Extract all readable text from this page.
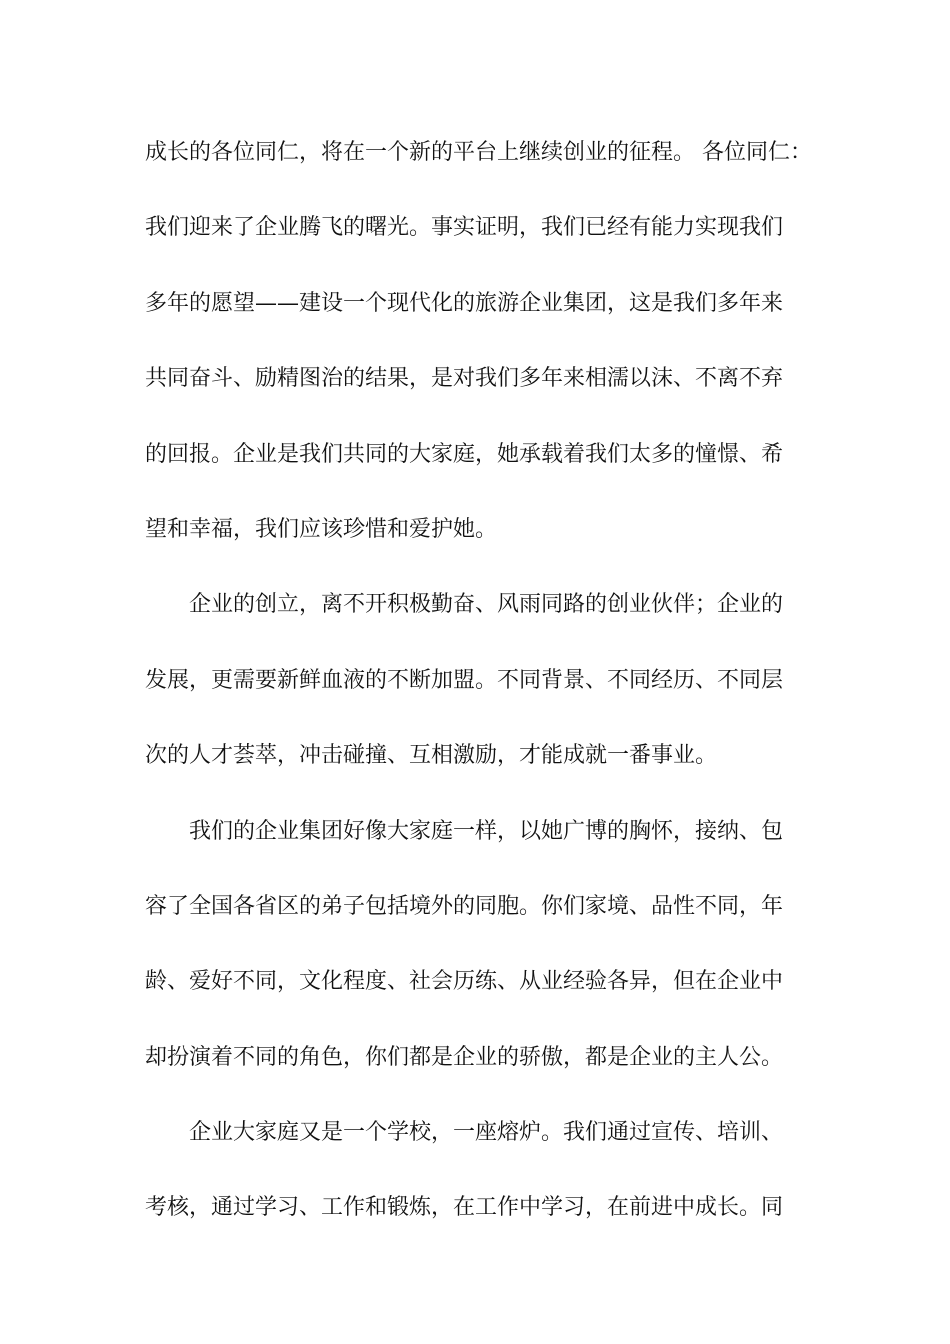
成长的各位同仁，将在一个新的平台上继续创业的征程。 各位同仁：
我们迎来了企业腾飞的曙光。事实证明，我们已经有能力实现我们
多年的愿望——建设一个现代化的旅游企业集团，这是我们多年来
共同奋斗、励精图治的结果，是对我们多年来相濡以沫、不离不弃
的回报。企业是我们共同的大家庭，她承载着我们太多的憧憬、希
望和幸福，我们应该珍惜和爱护她。
企业的创立，离不开积极勤奋、风雨同路的创业伙伴；企业的
发展，更需要新鲜血液的不断加盟。不同背景、不同经历、不同层
次的人才荟萃，冲击碰撞、互相激励，才能成就一番事业。
我们的企业集团好像大家庭一样，以她广博的胸怀，接纳、包
容了全国各省区的弟子包括境外的同胞。你们家境、品性不同，年
龄、爱好不同，文化程度、社会历练、从业经验各异，但在企业中
却扮演着不同的角色，你们都是企业的骄傲，都是企业的主人公。
企业大家庭又是一个学校，一座熔炉。我们通过宣传、培训、
考核，通过学习、工作和锻炼，在工作中学习，在前进中成长。同
